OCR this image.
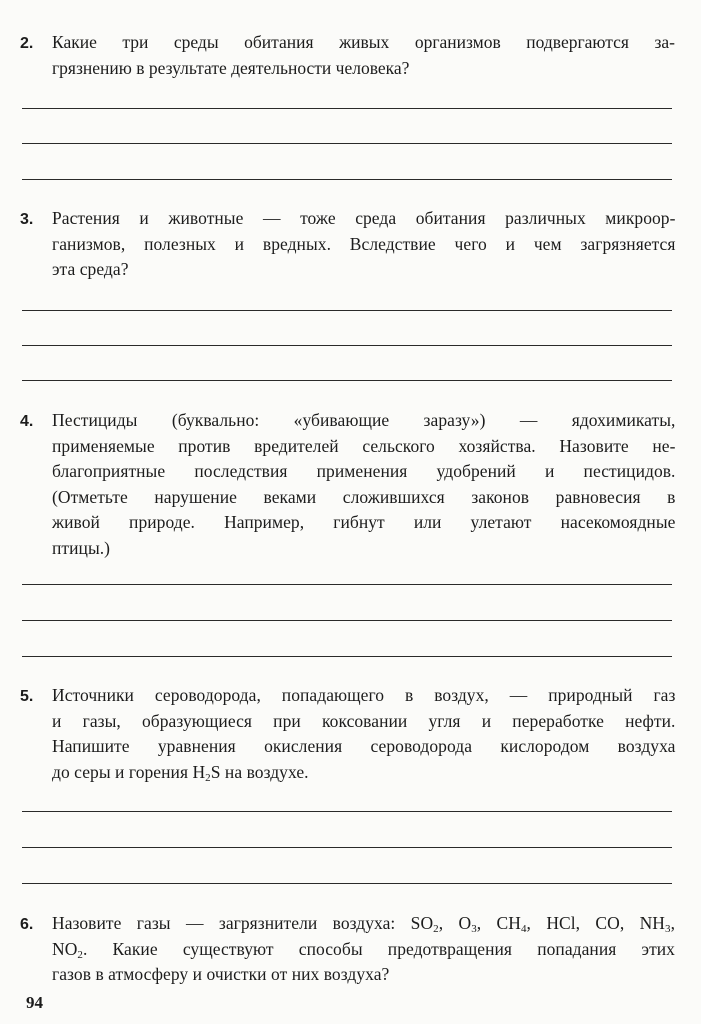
2.	Какие три среды обитания живых организмов подвергаются за-
грязнению в результате деятельности человека?
3.	Растения и животные — тоже среда обитания различных микроор-
ганизмов, полезных и вредных. Вследствие чего и чем загрязняется
эта среда?
4.	Пестициды (буквально: «убивающие заразу») — ядохимикаты,
применяемые против вредителей сельского хозяйства. Назовите не-
благоприятные последствия применения удобрений и пестицидов.
(Отметьте нарушение веками сложившихся законов равновесия в
живой природе. Например, гибнут или улетают насекомоядные
птицы.)
5.	Источники сероводорода, попадающего в воздух, — природный газ
и газы, образующиеся при коксовании угля и переработке нефти.
Напишите уравнения окисления сероводорода кислородом воздуха
до серы и горения $H_2S$ на воздухе.
6.	Назовите газы — загрязнители воздуха: $SO_2$, $O_3$, $CH_4$, HCl, CO, $NH_3$,
$NO_2$. Какие существуют способы предотвращения попадания этих
газов в атмосферу и очистки от них воздуха?
94
